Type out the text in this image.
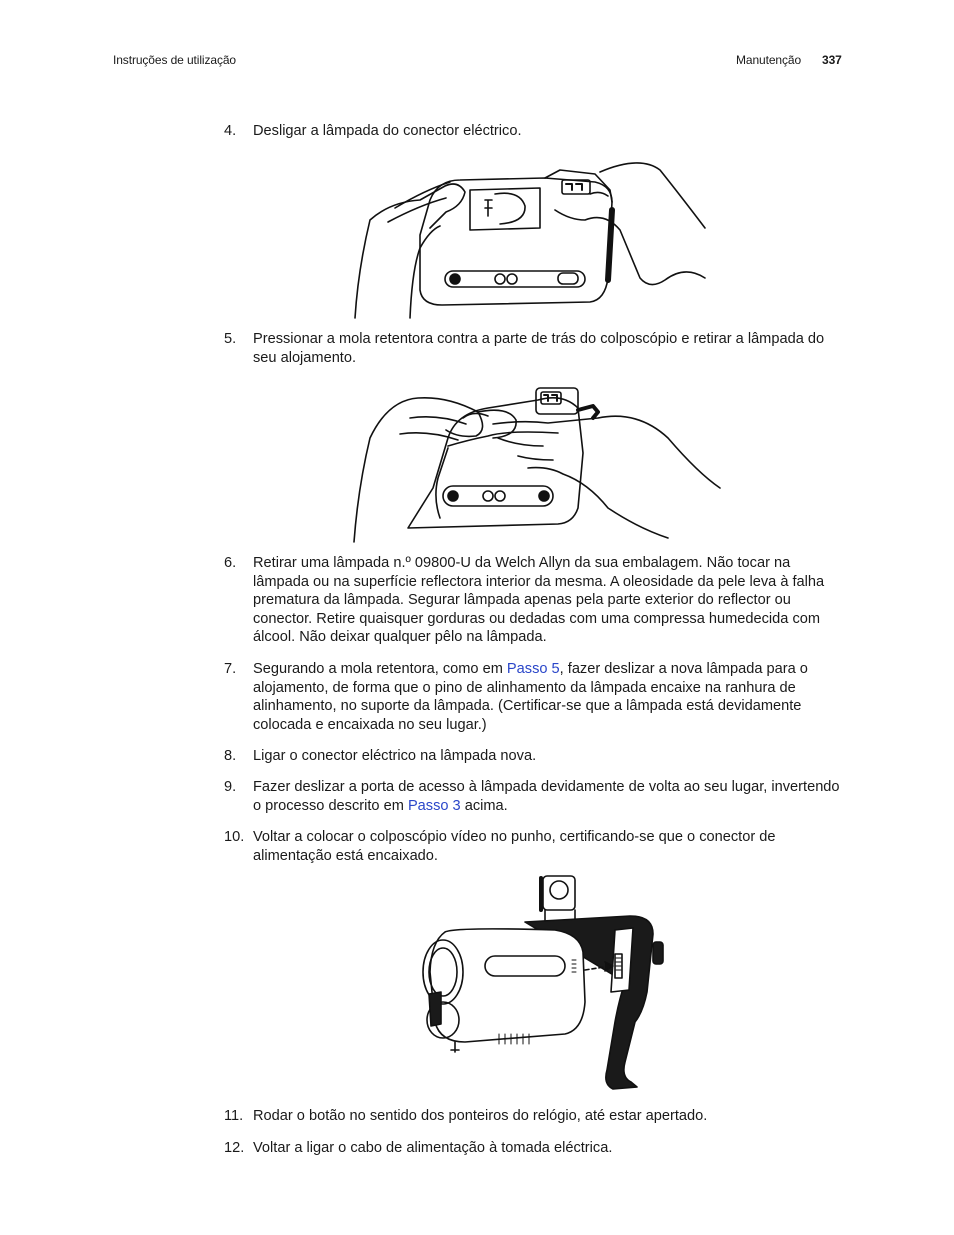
Instruções de utilização	Manutenção 337
4. Desligar a lâmpada do conector eléctrico.
5. Pressionar a mola retentora contra a parte de trás do colposcópio e retirar a lâmpada do seu alojamento.
6. Retirar uma lâmpada n.º 09800-U da Welch Allyn da sua embalagem. Não tocar na lâmpada ou na superfície reflectora interior da mesma. A oleosidade da pele leva à falha prematura da lâmpada. Segurar lâmpada apenas pela parte exterior do reflector ou conector. Retire quaisquer gorduras ou dedadas com uma compressa humedecida com álcool. Não deixar qualquer pêlo na lâmpada.
7. Segurando a mola retentora, como em Passo 5, fazer deslizar a nova lâmpada para o alojamento, de forma que o pino de alinhamento da lâmpada encaixe na ranhura de alinhamento, no suporte da lâmpada. (Certificar-se que a lâmpada está devidamente colocada e encaixada no seu lugar.)
8. Ligar o conector eléctrico na lâmpada nova.
9. Fazer deslizar a porta de acesso à lâmpada devidamente de volta ao seu lugar, invertendo o processo descrito em Passo 3 acima.
10. Voltar a colocar o colposcópio vídeo no punho, certificando-se que o conector de alimentação está encaixado.
11. Rodar o botão no sentido dos ponteiros do relógio, até estar apertado.
12. Voltar a ligar o cabo de alimentação à tomada eléctrica.
